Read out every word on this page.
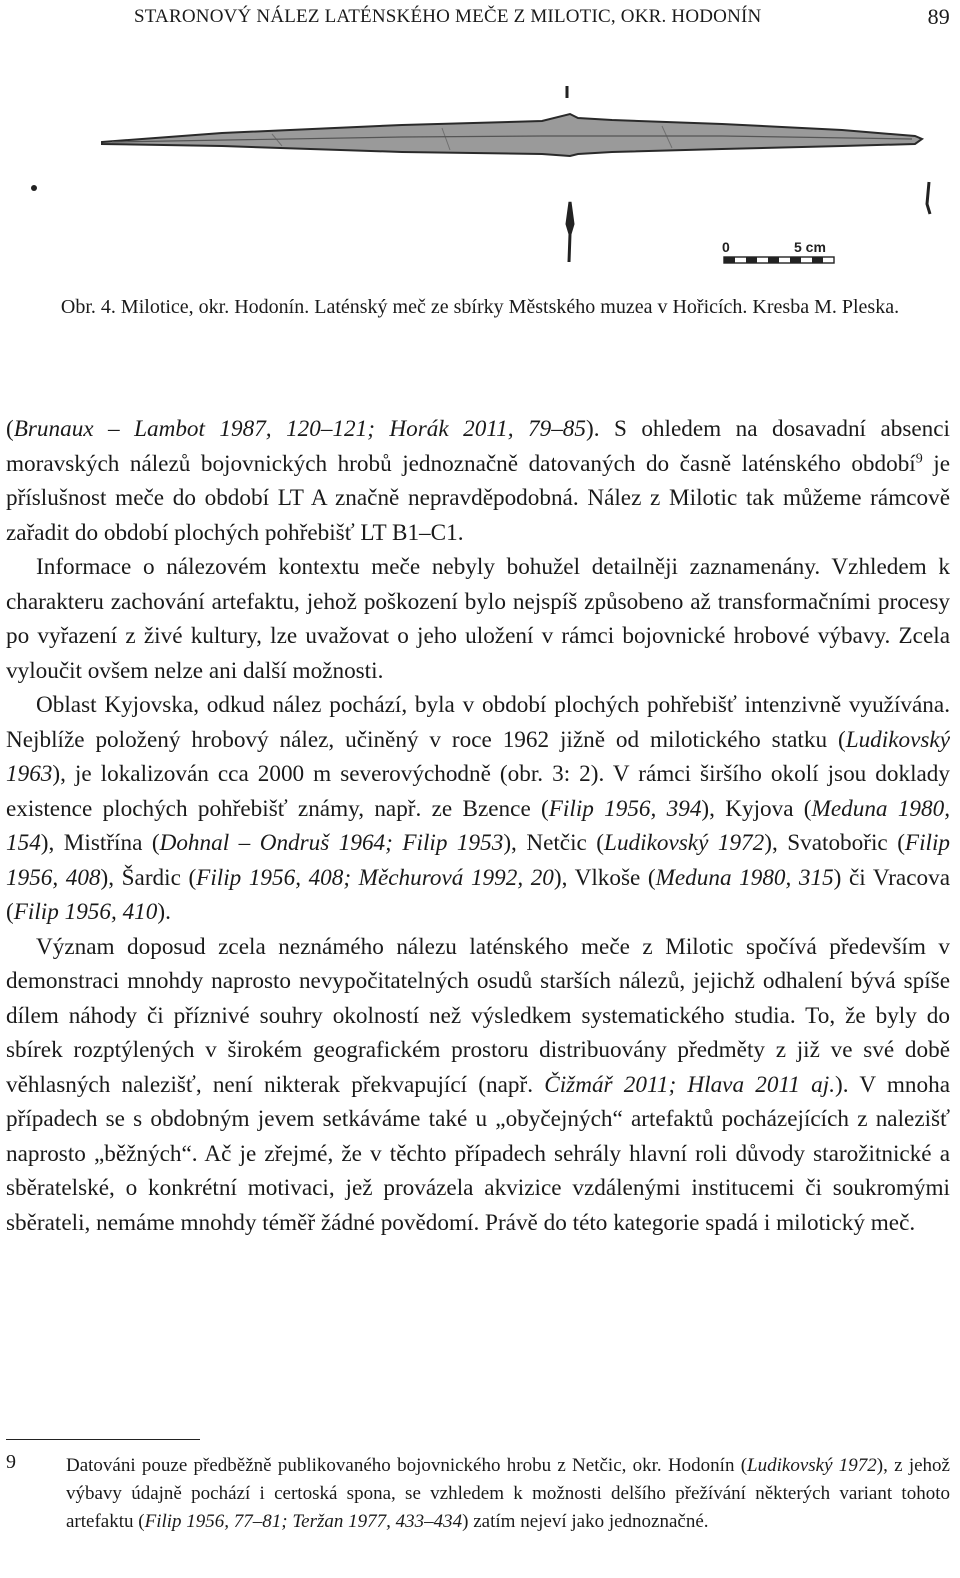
STARONOVÝ NÁLEZ LATÉNSKÉHO MEČE Z MILOTIC, OKR. HODONÍN	89
0	5 cm
Obr. 4. Milotice, okr. Hodonín. Laténský meč ze sbírky Městského muzea v Hořicích. Kresba M. Pleska.

(Brunaux – Lambot 1987, 120–121; Horák 2011, 79–85). S ohledem na dosavadní absenci moravských nálezů bojovnických hrobů jednoznačně datovaných do časně laténského období$^9$ je příslušnost meče do období LT A značně nepravděpodobná. Nález z Milotic tak můžeme rámcově zařadit do období plochých pohřebišť LT B1–C1.

Informace o nálezovém kontextu meče nebyly bohužel detailněji zaznamenány. Vzhledem k charakteru zachování artefaktu, jehož poškození bylo nejspíš způsobeno až transformačními procesy po vyřazení z živé kultury, lze uvažovat o jeho uložení v rámci bojovnické hrobové výbavy. Zcela vyloučit ovšem nelze ani další možnosti.

Oblast Kyjovska, odkud nález pochází, byla v období plochých pohřebišť intenzivně využívána. Nejblíže položený hrobový nález, učiněný v roce 1962 jižně od milotického statku (Ludikovský 1963), je lokalizován cca 2000 m severovýchodně (obr. 3: 2). V rámci širšího okolí jsou doklady existence plochých pohřebišť známy, např. ze Bzence (Filip 1956, 394), Kyjova (Meduna 1980, 154), Mistřína (Dohnal – Ondruš 1964; Filip 1953), Netčic (Ludikovský 1972), Svatobořic (Filip 1956, 408), Šardic (Filip 1956, 408; Měchurová 1992, 20), Vlkoše (Meduna 1980, 315) či Vracova (Filip 1956, 410).

Význam doposud zcela neznámého nálezu laténského meče z Milotic spočívá především v demonstraci mnohdy naprosto nevypočitatelných osudů starších nálezů, jejichž odhalení bývá spíše dílem náhody či příznivé souhry okolností než výsledkem systematického studia. To, že byly do sbírek rozptýlených v širokém geografickém prostoru distribuovány předměty z již ve své době věhlasných nalezišť, není nikterak překvapující (např. Čižmář 2011; Hlava 2011 aj.). V mnoha případech se s obdobným jevem setkáváme také u „obyčejných“ artefaktů pocházejících z nalezišť naprosto „běžných“. Ač je zřejmé, že v těchto případech sehrály hlavní roli důvody starožitnické a sběratelské, o konkrétní motivaci, jež provázela akvizice vzdálenými institucemi či soukromými sběrateli, nemáme mnohdy téměř žádné povědomí. Právě do této kategorie spadá i milotický meč.

9	Datováni pouze předběžně publikovaného bojovnického hrobu z Netčic, okr. Hodonín (Ludikovský 1972), z jehož výbavy údajně pochází i certoská spona, se vzhledem k možnosti delšího přežívání některých variant tohoto artefaktu (Filip 1956, 77–81; Teržan 1977, 433–434) zatím nejeví jako jednoznačné.
